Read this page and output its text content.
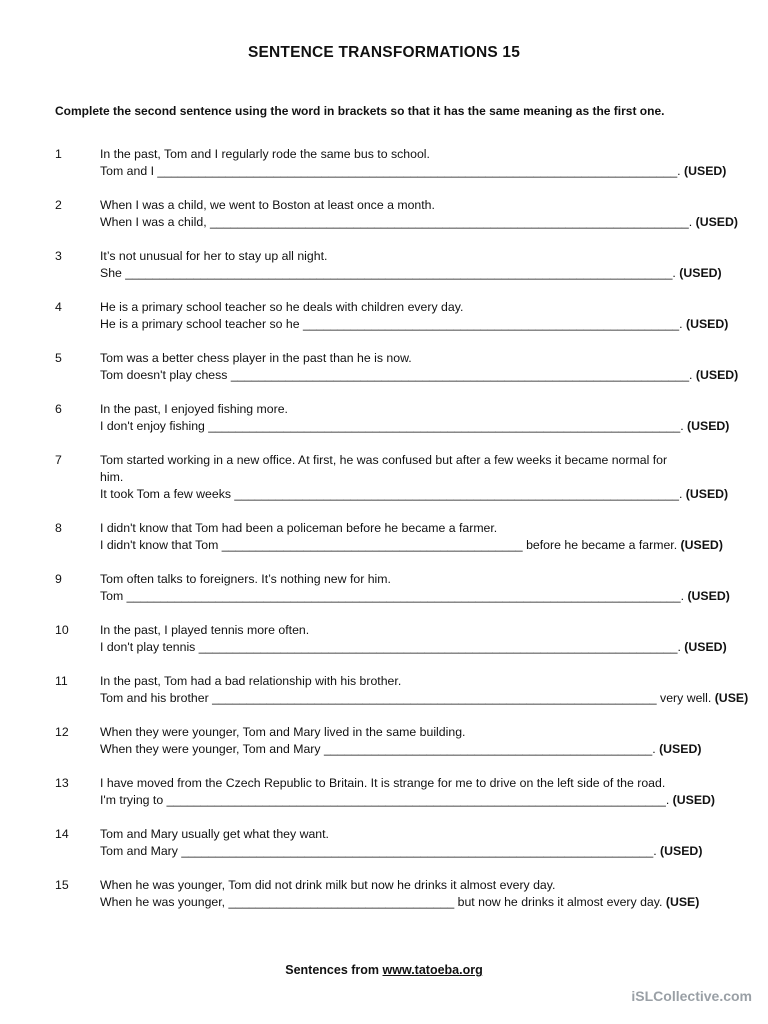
SENTENCE TRANSFORMATIONS 15
Complete the second sentence using the word in brackets so that it has the same meaning as the first one.
1	In the past, Tom and I regularly rode the same bus to school.
Tom and I ____________________________________________________________________________. (USED)
2	When I was a child, we went to Boston at least once a month.
When I was a child, ______________________________________________________________________. (USED)
3	It’s not unusual for her to stay up all night.
She ________________________________________________________________________________. (USED)
4	He is a primary school teacher so he deals with children every day.
He is a primary school teacher so he _______________________________________________________. (USED)
5	Tom was a better chess player in the past than he is now.
Tom doesn't play chess ___________________________________________________________________. (USED)
6	In the past, I enjoyed fishing more.
I don't enjoy fishing _____________________________________________________________________. (USED)
7	Tom started working in a new office. At first, he was confused but after a few weeks it became normal for
him.
It took Tom a few weeks _________________________________________________________________. (USED)
8	I didn't know that Tom had been a policeman before he became a farmer.
I didn't know that Tom ____________________________________________ before he became a farmer. (USED)
9	Tom often talks to foreigners. It’s nothing new for him.
Tom _________________________________________________________________________________. (USED)
10	In the past, I played tennis more often.
I don't play tennis ______________________________________________________________________. (USED)
11	In the past, Tom had a bad relationship with his brother.
Tom and his brother _________________________________________________________________ very well. (USE)
12	When they were younger, Tom and Mary lived in the same building.
When they were younger, Tom and Mary ________________________________________________. (USED)
13	I have moved from the Czech Republic to Britain. It is strange for me to drive on the left side of the road.
I'm trying to _________________________________________________________________________. (USED)
14	Tom and Mary usually get what they want.
Tom and Mary _____________________________________________________________________. (USED)
15	When he was younger, Tom did not drink milk but now he drinks it almost every day.
When he was younger, _________________________________ but now he drinks it almost every day. (USE)
Sentences from www.tatoeba.org
iSLCollective.com
